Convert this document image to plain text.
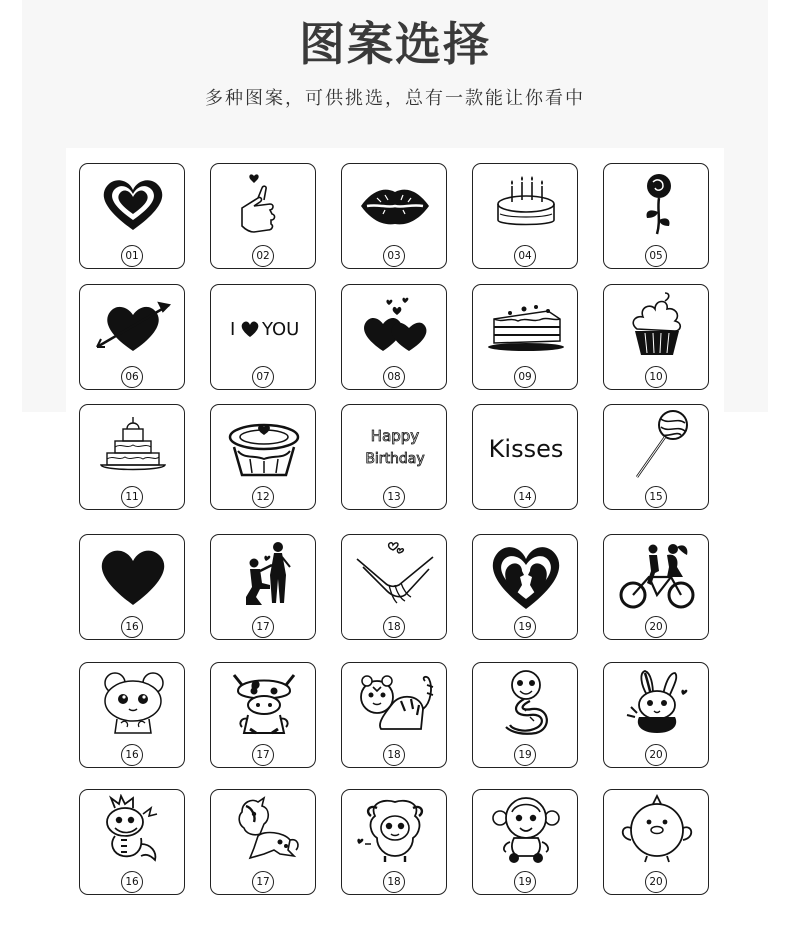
图案选择
多种图案，可供挑选，总有一款能让你看中
01	02	03	04	05
06
I YOU
07	08	09	10
11	12
Happy
Birthday
13
Kisses
14	15
16	17	18	19	20
16	17	18	19	20
16	17	18	19	20
